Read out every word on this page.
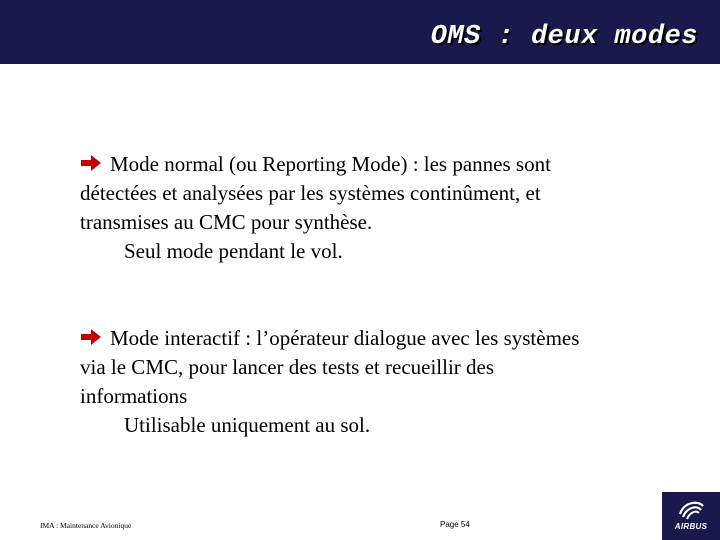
OMS : deux modes
Mode normal (ou Reporting Mode) : les pannes sont
détectées et analysées par les systèmes continûment, et
transmises au CMC pour synthèse.
Seul mode pendant le vol.
Mode interactif : l’opérateur dialogue avec les systèmes
via le CMC, pour lancer des tests et recueillir des
informations
Utilisable uniquement au sol.
IMA : Maintenance Avionique	Page 54	AIRBUS
